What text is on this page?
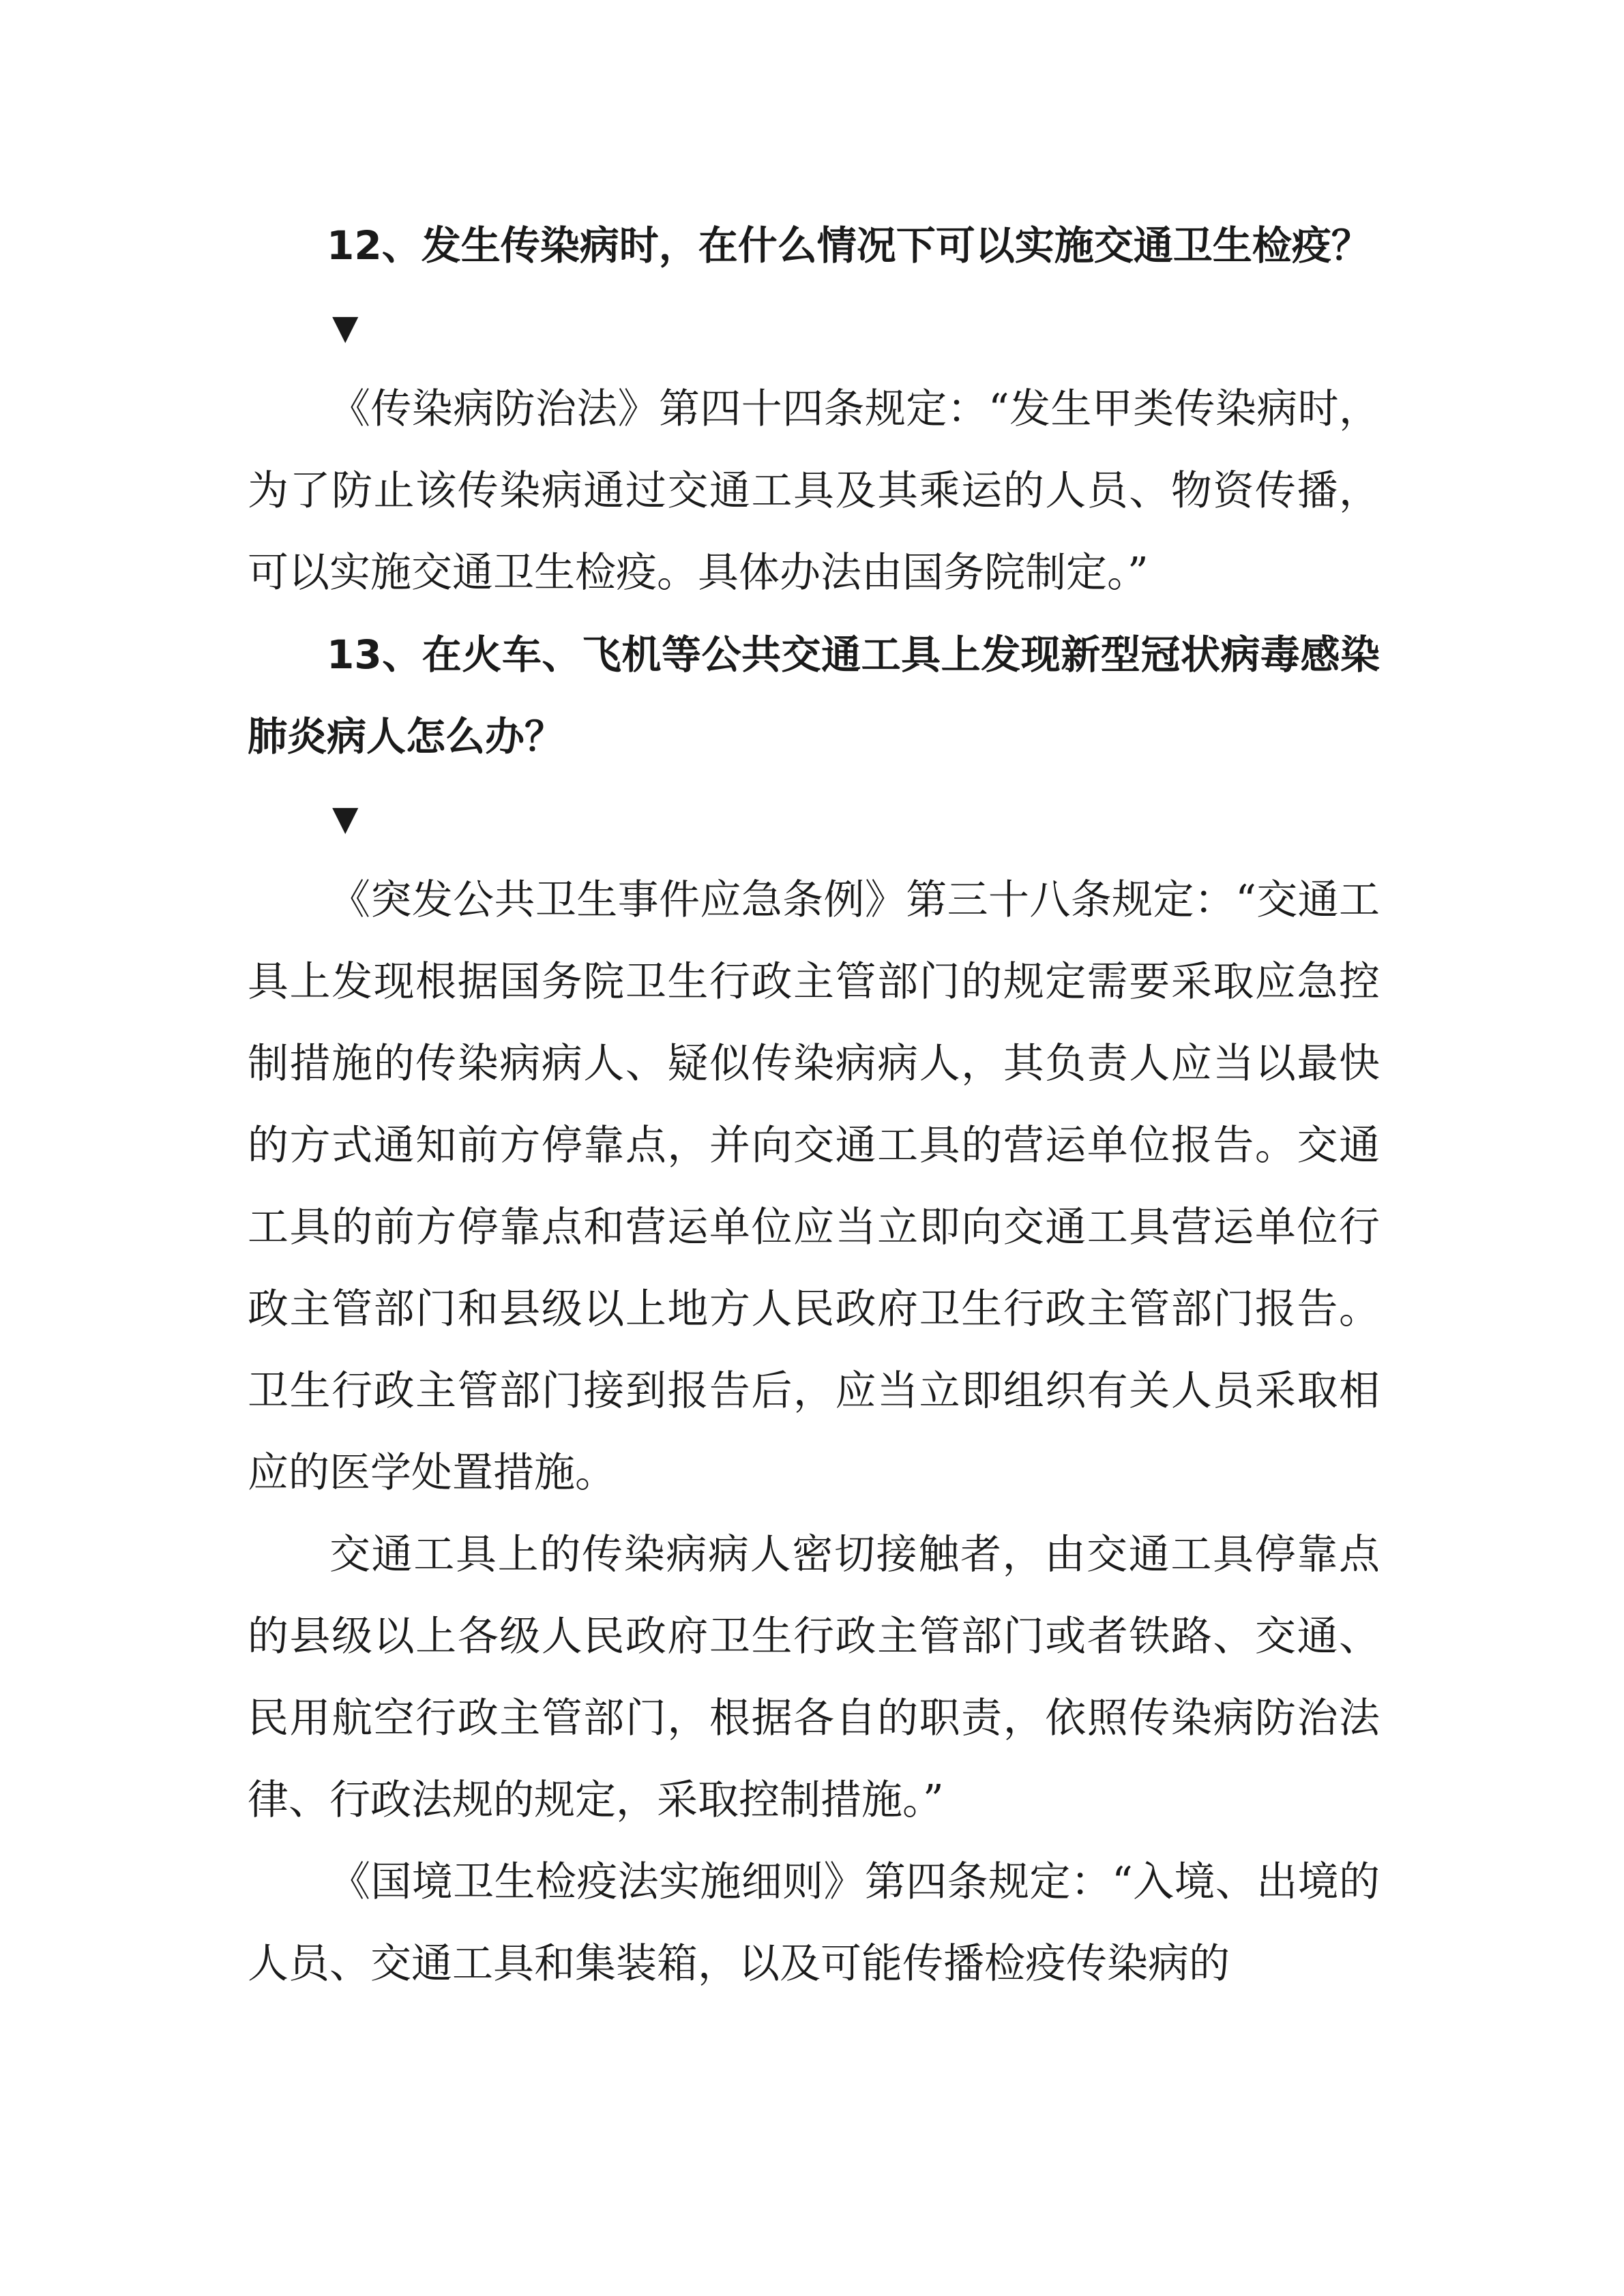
12、发生传染病时，在什么情况下可以实施交通卫生检疫？

▼

《传染病防治法》第四十四条规定：“发生甲类传染病时，为了防止该传染病通过交通工具及其乘运的人员、物资传播，可以实施交通卫生检疫。具体办法由国务院制定。”

13、在火车、飞机等公共交通工具上发现新型冠状病毒感染肺炎病人怎么办？

▼

《突发公共卫生事件应急条例》第三十八条规定：“交通工具上发现根据国务院卫生行政主管部门的规定需要采取应急控制措施的传染病病人、疑似传染病病人，其负责人应当以最快的方式通知前方停靠点，并向交通工具的营运单位报告。交通工具的前方停靠点和营运单位应当立即向交通工具营运单位行政主管部门和县级以上地方人民政府卫生行政主管部门报告。卫生行政主管部门接到报告后，应当立即组织有关人员采取相应的医学处置措施。

交通工具上的传染病病人密切接触者，由交通工具停靠点的县级以上各级人民政府卫生行政主管部门或者铁路、交通、民用航空行政主管部门，根据各自的职责，依照传染病防治法律、行政法规的规定，采取控制措施。”

《国境卫生检疫法实施细则》第四条规定：“入境、出境的人员、交通工具和集装箱，以及可能传播检疫传染病的
